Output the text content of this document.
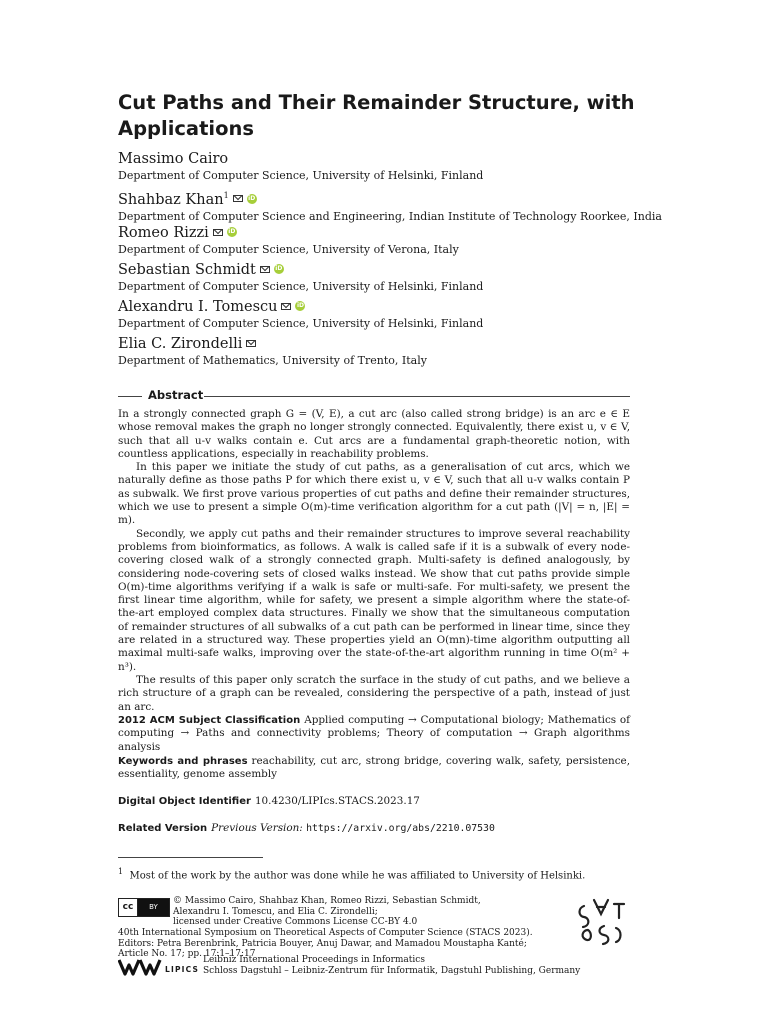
Cut Paths and Their Remainder Structure, with Applications
Massimo Cairo
Department of Computer Science, University of Helsinki, Finland
Shahbaz Khan$^1$	iD
Department of Computer Science and Engineering, Indian Institute of Technology Roorkee, India
Romeo Rizzi	iD
Department of Computer Science, University of Verona, Italy
Sebastian Schmidt	iD
Department of Computer Science, University of Helsinki, Finland
Alexandru I. Tomescu	iD
Department of Computer Science, University of Helsinki, Finland
Elia C. Zirondelli
Department of Mathematics, University of Trento, Italy
Abstract

In a strongly connected graph G = (V, E), a cut arc (also called strong bridge) is an arc e ∈ E whose removal makes the graph no longer strongly connected. Equivalently, there exist u, v ∈ V, such that all u-v walks contain e. Cut arcs are a fundamental graph-theoretic notion, with countless applications, especially in reachability problems.

In this paper we initiate the study of cut paths, as a generalisation of cut arcs, which we naturally define as those paths P for which there exist u, v ∈ V, such that all u-v walks contain P as subwalk. We first prove various properties of cut paths and define their remainder structures, which we use to present a simple O(m)-time verification algorithm for a cut path (|V| = n, |E| = m).

Secondly, we apply cut paths and their remainder structures to improve several reachability problems from bioinformatics, as follows. A walk is called safe if it is a subwalk of every node-covering closed walk of a strongly connected graph. Multi-safety is defined analogously, by considering node-covering sets of closed walks instead. We show that cut paths provide simple O(m)-time algorithms verifying if a walk is safe or multi-safe. For multi-safety, we present the first linear time algorithm, while for safety, we present a simple algorithm where the state-of-the-art employed complex data structures. Finally we show that the simultaneous computation of remainder structures of all subwalks of a cut path can be performed in linear time, since they are related in a structured way. These properties yield an O(mn)-time algorithm outputting all maximal multi-safe walks, improving over the state-of-the-art algorithm running in time O(m² + n³).

The results of this paper only scratch the surface in the study of cut paths, and we believe a rich structure of a graph can be revealed, considering the perspective of a path, instead of just an arc.

2012 ACM Subject Classification Applied computing → Computational biology; Mathematics of computing → Paths and connectivity problems; Theory of computation → Graph algorithms analysis
Keywords and phrases reachability, cut arc, strong bridge, covering walk, safety, persistence, essentiality, genome assembly
Digital Object Identifier 10.4230/LIPIcs.STACS.2023.17
Related Version Previous Version: https://arxiv.org/abs/2210.07530
$^1$ Most of the work by the author was done while he was affiliated to University of Helsinki.
cc	BY
© Massimo Cairo, Shahbaz Khan, Romeo Rizzi, Sebastian Schmidt,
Alexandru I. Tomescu, and Elia C. Zirondelli;
licensed under Creative Commons License CC-BY 4.0
40th International Symposium on Theoretical Aspects of Computer Science (STACS 2023).
Editors: Petra Berenbrink, Patricia Bouyer, Anuj Dawar, and Mamadou Moustapha Kanté;
Article No. 17; pp. 17:1–17:17
LIPICS
Leibniz International Proceedings in Informatics
Schloss Dagstuhl – Leibniz-Zentrum für Informatik, Dagstuhl Publishing, Germany
